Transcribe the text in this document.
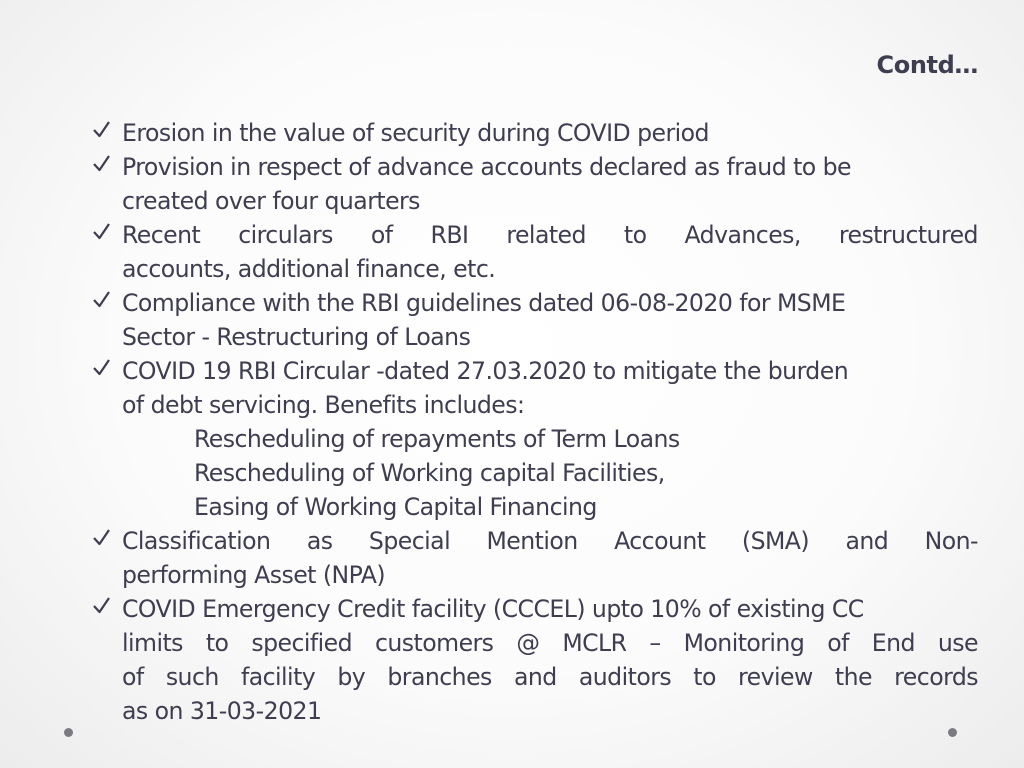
Contd…
Erosion in the value of security during COVID period
Provision in respect of advance accounts declared as fraud to be
created over four quarters
Recent circulars of RBI related to Advances, restructured
accounts, additional finance, etc.
Compliance with the RBI guidelines dated 06-08-2020 for MSME
Sector - Restructuring of Loans
COVID 19 RBI Circular -dated 27.03.2020 to mitigate the burden
of debt servicing. Benefits includes:
Rescheduling of repayments of Term Loans
Rescheduling of Working capital Facilities,
Easing of Working Capital Financing
Classification as Special Mention Account (SMA) and Non-
performing Asset (NPA)
COVID Emergency Credit facility (CCCEL) upto 10% of existing CC
limits to specified customers @ MCLR – Monitoring of End use
of such facility by branches and auditors to review the records
as on 31-03-2021
